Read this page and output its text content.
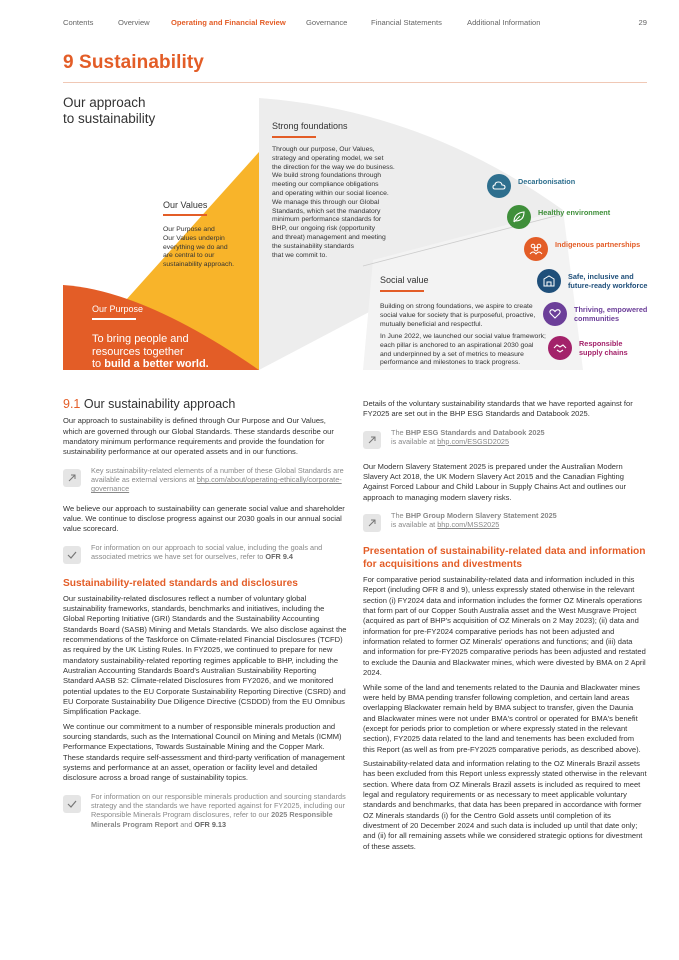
Contents	Overview	Operating and Financial Review	Governance	Financial Statements	Additional Information	29
9 Sustainability
Our approach
to sustainability	Strong foundations
Through our purpose, Our Values,
strategy and operating model, we set
the direction for the way we do business.
We build strong foundations through
meeting our compliance obligations
and operating within our social licence.
We manage this through our Global
Standards, which set the mandatory
minimum performance standards for
BHP, our ongoing risk (opportunity
and threat) management and meeting
the sustainability standards
that we commit to.
Our Values
Our Purpose and
Our Values underpin
everything we do and
are central to our
sustainability approach.
Our Purpose
To bring people and
resources together
to build a better world.
Social value
Building on strong foundations, we aspire to create
social value for society that is purposeful, proactive,
mutually beneficial and respectful.
In June 2022, we launched our social value framework;
each pillar is anchored to an aspirational 2030 goal
and underpinned by a set of metrics to measure
performance and milestones to track progress.
Decarbonisation
Healthy environment
Indigenous partnerships
Safe, inclusive and
future-ready workforce
Thriving, empowered
communities
Responsible
supply chains
9.1 Our sustainability approach

Our approach to sustainability is defined through Our Purpose and Our Values, which are governed through our Global Standards. These standards describe our mandatory minimum performance requirements and provide the foundation for sustainability performance at our operated assets and in our functions.

Key sustainability-related elements of a number of these Global Standards are available as external versions at bhp.com/about/operating-ethically/corporate-governance

We believe our approach to sustainability can generate social value and shareholder value. We continue to disclose progress against our 2030 goals in our annual social value scorecard.

For information on our approach to social value, including the goals and associated metrics we have set for ourselves, refer to OFR 9.4
Sustainability-related standards and disclosures

Our sustainability-related disclosures reflect a number of voluntary global sustainability frameworks, standards, benchmarks and initiatives, including the Global Reporting Initiative (GRI) Standards and the Sustainability Accounting Standards Board (SASB) Mining and Metals Standards. We also disclose against the recommendations of the Taskforce on Climate-related Financial Disclosures (TCFD) as required by the UK Listing Rules. In FY2025, we continued to prepare for new mandatory sustainability-related reporting regimes applicable to BHP, including the Australian Accounting Standards Board's Australian Sustainability Reporting Standard AASB S2: Climate-related Disclosures from FY2026, and we monitored potential updates to the EU Corporate Sustainability Reporting Directive (CSRD) and EU Corporate Sustainability Due Diligence Directive (CSDDD) from the EU Omnibus Simplification Package.

We continue our commitment to a number of responsible minerals production and sourcing standards, such as the International Council on Mining and Metals (ICMM) Performance Expectations, Towards Sustainable Mining and the Copper Mark. These standards require self-assessment and third-party verification of management systems and performance at an asset, operation or facility level and detailed disclosure across a broad range of sustainability topics.

For information on our responsible minerals production and sourcing standards strategy and the standards we have reported against for FY2025, including our Responsible Minerals Program disclosures, refer to our 2025 Responsible Minerals Program Report and OFR 9.13

Details of the voluntary sustainability standards that we have reported against for FY2025 are set out in the BHP ESG Standards and Databook 2025.

The BHP ESG Standards and Databook 2025
is available at bhp.com/ESGSD2025

Our Modern Slavery Statement 2025 is prepared under the Australian Modern Slavery Act 2018, the UK Modern Slavery Act 2015 and the Canadian Fighting Against Forced Labour and Child Labour in Supply Chains Act and outlines our approach to managing modern slavery risks.

The BHP Group Modern Slavery Statement 2025
is available at bhp.com/MSS2025
Presentation of sustainability-related data and information for acquisitions and divestments

For comparative period sustainability-related data and information included in this Report (including OFR 8 and 9), unless expressly stated otherwise in the relevant section (i) FY2024 data and information includes the former OZ Minerals operations that form part of our Copper South Australia asset and the West Musgrave Project (acquired as part of BHP's acquisition of OZ Minerals on 2 May 2023); (ii) data and information for pre-FY2024 comparative periods has not been adjusted and information related to former OZ Minerals' operations and functions; and (iii) data and information for pre-FY2025 comparative periods has been adjusted and restated to exclude the Daunia and Blackwater mines, which were divested by BMA on 2 April 2024.

While some of the land and tenements related to the Daunia and Blackwater mines were held by BMA pending transfer following completion, and certain land areas overlapping Blackwater remain held by BMA subject to transfer, given the Daunia and Blackwater mines were not under BMA's control or operated for BMA's benefit (except for periods prior to completion or where expressly stated in the relevant section), FY2025 data related to the land and tenements has been excluded from this Report (as well as from pre-FY2025 comparative periods, as described above).

Sustainability-related data and information relating to the OZ Minerals Brazil assets has been excluded from this Report unless expressly stated otherwise in the relevant section. Where data from OZ Minerals Brazil assets is included as required to meet legal and regulatory requirements or as necessary to meet applicable voluntary standards and benchmarks, that data has been prepared in accordance with former OZ Minerals standards (i) for the Centro Gold assets until completion of its divestment of 20 December 2024 and such data is included up until that date only; and (ii) for all remaining assets while we considered strategic options for divestment of these assets.
